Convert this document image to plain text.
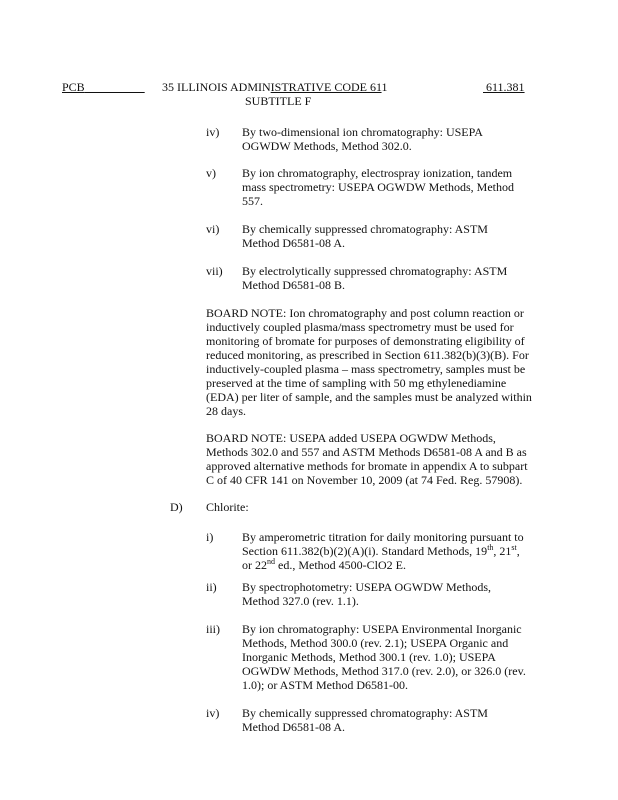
PCB	35 ILLINOIS ADMINISTRATIVE CODE 611	611.381
SUBTITLE F
iv)	By two-dimensional ion chromatography: USEPA OGWDW Methods, Method 302.0.
v)	By ion chromatography, electrospray ionization, tandem mass spectrometry: USEPA OGWDW Methods, Method 557.
vi)	By chemically suppressed chromatography: ASTM Method D6581-08 A.
vii)	By electrolytically suppressed chromatography: ASTM Method D6581-08 B.
BOARD NOTE: Ion chromatography and post column reaction or inductively coupled plasma/mass spectrometry must be used for monitoring of bromate for purposes of demonstrating eligibility of reduced monitoring, as prescribed in Section 611.382(b)(3)(B). For inductively-coupled plasma – mass spectrometry, samples must be preserved at the time of sampling with 50 mg ethylenediamine (EDA) per liter of sample, and the samples must be analyzed within 28 days.
BOARD NOTE: USEPA added USEPA OGWDW Methods, Methods 302.0 and 557 and ASTM Methods D6581-08 A and B as approved alternative methods for bromate in appendix A to subpart C of 40 CFR 141 on November 10, 2009 (at 74 Fed. Reg. 57908).
D) Chlorite:
i)	By amperometric titration for daily monitoring pursuant to
Section 611.382(b)(2)(A)(i). Standard Methods, 19th, 21st,
or 22nd ed., Method 4500-ClO2 E.
ii)	By spectrophotometry: USEPA OGWDW Methods, Method 327.0 (rev. 1.1).
iii)	By ion chromatography: USEPA Environmental Inorganic Methods, Method 300.0 (rev. 2.1); USEPA Organic and Inorganic Methods, Method 300.1 (rev. 1.0); USEPA OGWDW Methods, Method 317.0 (rev. 2.0), or 326.0 (rev. 1.0); or ASTM Method D6581-00.
iv)	By chemically suppressed chromatography: ASTM Method D6581-08 A.
